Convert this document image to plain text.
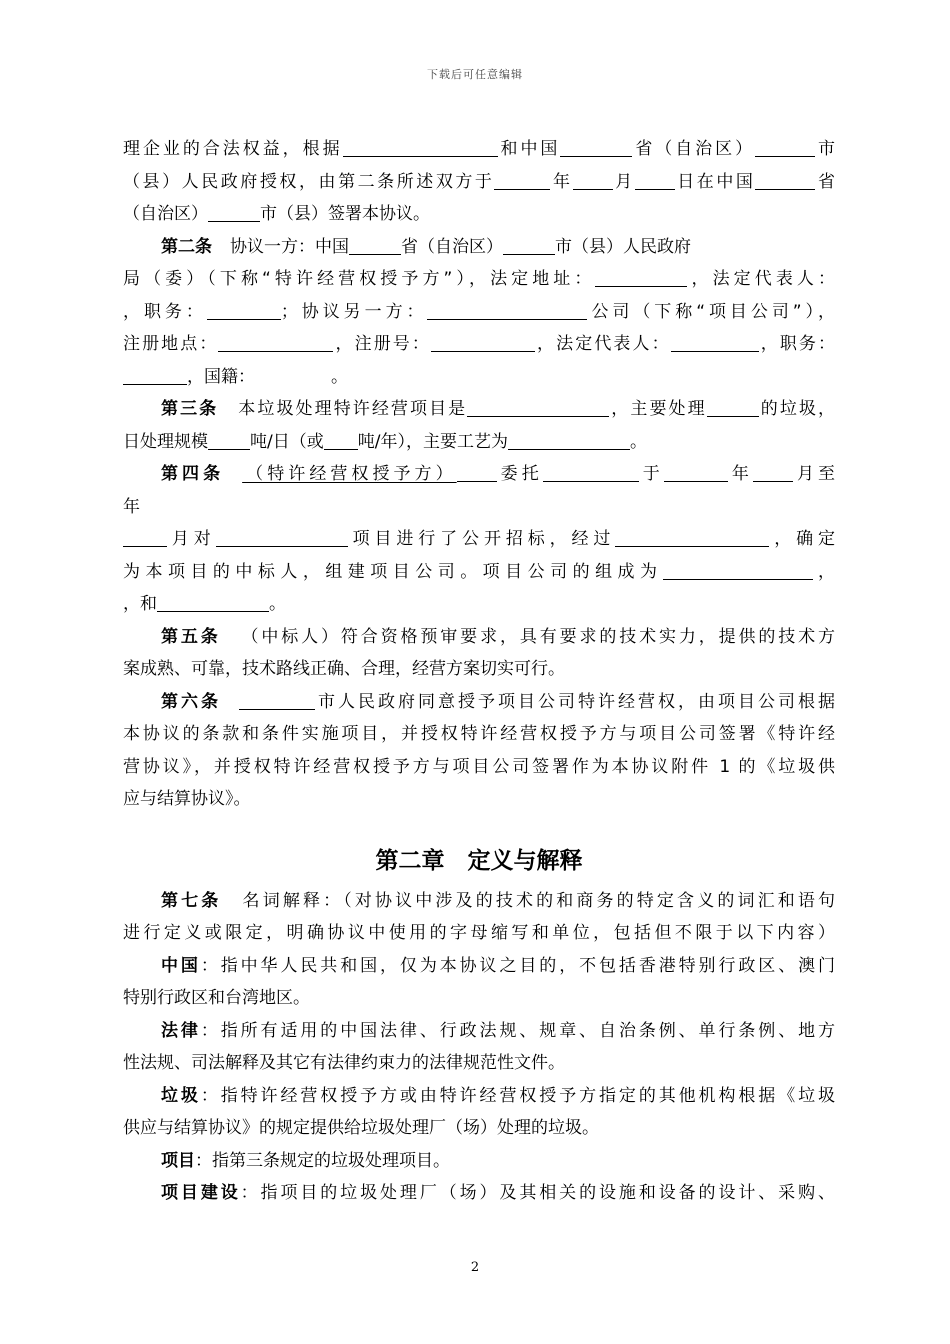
下载后可任意编辑
理企业的合法权益，根据	和中国	省（自治区）	市
（县）人民政府授权，由第二条所述双方于	年 月 日在中国	省
（自治区）	市（县）签署本协议。
第二条 协议一方：中国	省（自治区）	市（县）人民政府
局（委）（下称“特许经营权授予方”），法定地址：	，法定代表人：
，职务：	；协议另一方：	公司（下称“项目公司”），
注册地点：	，注册号：	，法定代表人：	，职务：
，国籍：	。
第三条 本垃圾处理特许经营项目是	，主要处理	的垃圾，
日处理规模 吨/日（或 吨/年），主要工艺为	。
第四条 （特许经营权授予方） 委托	于	年 月至
年
月对	项目进行了公开招标，经过	，确定
为本项目的中标人，组建项目公司。项目公司的组成为	，
，和	。
第五条 （中标人）符合资格预审要求，具有要求的技术实力，提供的技术方
案成熟、可靠，技术路线正确、合理，经营方案切实可行。
第六条	市人民政府同意授予项目公司特许经营权，由项目公司根据
本协议的条款和条件实施项目，并授权特许经营权授予方与项目公司签署《特许经
营协议》，并授权特许经营权授予方与项目公司签署作为本协议附件 1 的《垃圾供
应与结算协议》。
第二章　定义与解释
第七条 名词解释：（对协议中涉及的技术的和商务的特定含义的词汇和语句
进行定义或限定，明确协议中使用的字母缩写和单位，包括但不限于以下内容）
中国：指中华人民共和国，仅为本协议之目的，不包括香港特别行政区、澳门
特别行政区和台湾地区。
法律：指所有适用的中国法律、行政法规、规章、自治条例、单行条例、地方
性法规、司法解释及其它有法律约束力的法律规范性文件。
垃圾：指特许经营权授予方或由特许经营权授予方指定的其他机构根据《垃圾
供应与结算协议》的规定提供给垃圾处理厂（场）处理的垃圾。
项目：指第三条规定的垃圾处理项目。
项目建设：指项目的垃圾处理厂（场）及其相关的设施和设备的设计、采购、
2
